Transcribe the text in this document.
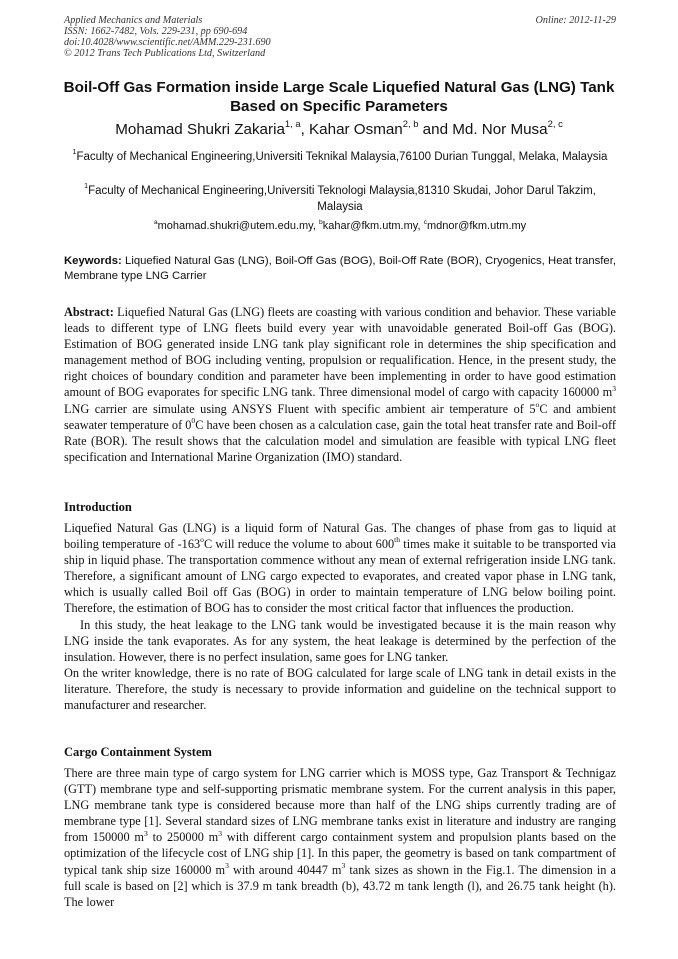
Applied Mechanics and Materials	Online: 2012-11-29
ISSN: 1662-7482, Vols. 229-231, pp 690-694
doi:10.4028/www.scientific.net/AMM.229-231.690
© 2012 Trans Tech Publications Ltd, Switzerland
Boil-Off Gas Formation inside Large Scale Liquefied Natural Gas (LNG) Tank Based on Specific Parameters
Mohamad Shukri Zakaria$^{1, a}$, Kahar Osman$^{2, b}$ and Md. Nor Musa$^{2, c}$
$^1$Faculty of Mechanical Engineering,Universiti Teknikal Malaysia,76100 Durian Tunggal, Melaka, Malaysia
$^1$Faculty of Mechanical Engineering,Universiti Teknologi Malaysia,81310 Skudai, Johor Darul Takzim, Malaysia
$^a$mohamad.shukri@utem.edu.my, $^b$kahar@fkm.utm.my, $^c$mdnor@fkm.utm.my
Keywords: Liquefied Natural Gas (LNG), Boil-Off Gas (BOG), Boil-Off Rate (BOR), Cryogenics, Heat transfer, Membrane type LNG Carrier
Abstract: Liquefied Natural Gas (LNG) fleets are coasting with various condition and behavior. These variable leads to different type of LNG fleets build every year with unavoidable generated Boil-off Gas (BOG). Estimation of BOG generated inside LNG tank play significant role in determines the ship specification and management method of BOG including venting, propulsion or requalification. Hence, in the present study, the right choices of boundary condition and parameter have been implementing in order to have good estimation amount of BOG evaporates for specific LNG tank. Three dimensional model of cargo with capacity 160000 $m^3$ LNG carrier are simulate using ANSYS Fluent with specific ambient air temperature of 5$^o$C and ambient seawater temperature of $0^0C$ have been chosen as a calculation case, gain the total heat transfer rate and Boil-off Rate (BOR). The result shows that the calculation model and simulation are feasible with typical LNG fleet specification and International Marine Organization (IMO) standard.
Introduction

Liquefied Natural Gas (LNG) is a liquid form of Natural Gas. The changes of phase from gas to liquid at boiling temperature of -163$^o$C will reduce the volume to about 600th times make it suitable to be transported via ship in liquid phase. The transportation commence without any mean of external refrigeration inside LNG tank. Therefore, a significant amount of LNG cargo expected to evaporates, and created vapor phase in LNG tank, which is usually called Boil off Gas (BOG) in order to maintain temperature of LNG below boiling point. Therefore, the estimation of BOG has to consider the most critical factor that influences the production.

In this study, the heat leakage to the LNG tank would be investigated because it is the main reason why LNG inside the tank evaporates. As for any system, the heat leakage is determined by the perfection of the insulation. However, there is no perfect insulation, same goes for LNG tanker.

On the writer knowledge, there is no rate of BOG calculated for large scale of LNG tank in detail exists in the literature. Therefore, the study is necessary to provide information and guideline on the technical support to manufacturer and researcher.

Cargo Containment System

There are three main type of cargo system for LNG carrier which is MOSS type, Gaz Transport & Technigaz (GTT) membrane type and self-supporting prismatic membrane system. For the current analysis in this paper, LNG membrane tank type is considered because more than half of the LNG ships currently trading are of membrane type [1]. Several standard sizes of LNG membrane tanks exist in literature and industry are ranging from 150000 $m^3$ to 250000 $m^3$ with different cargo containment system and propulsion plants based on the optimization of the lifecycle cost of LNG ship [1]. In this paper, the geometry is based on tank compartment of typical tank ship size 160000 $m^3$ with around 40447 $m^3$ tank sizes as shown in the Fig.1. The dimension in a full scale is based on [2] which is 37.9 m tank breadth (b), 43.72 m tank length (l), and 26.75 tank height (h). The lower
